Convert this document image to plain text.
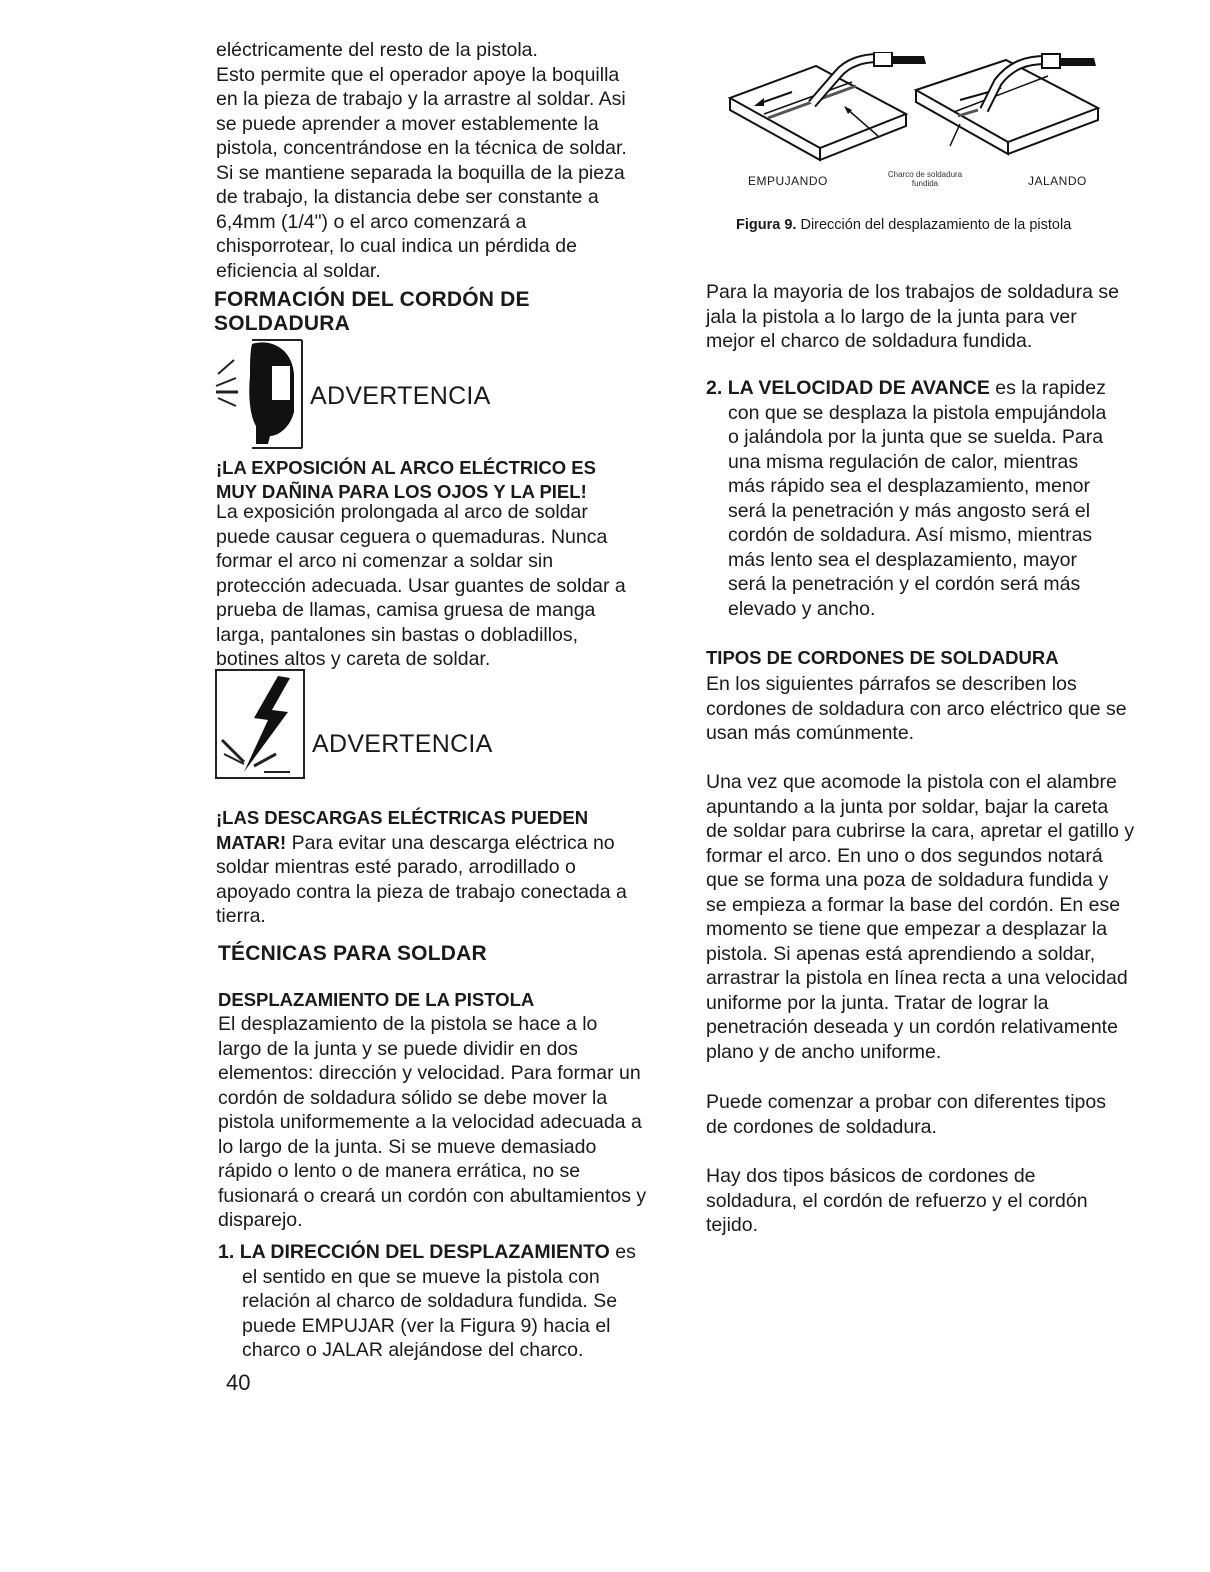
eléctricamente del resto de la pistola.
Esto permite que el operador apoye la boquilla
en la pieza de trabajo y la arrastre al soldar. Asi
se puede aprender a mover establemente la
pistola, concentrándose en la técnica de soldar.
Si se mantiene separada la boquilla de la pieza
de trabajo, la distancia debe ser constante a
6,4mm (1/4") o el arco comenzará a
chisporrotear, lo cual indica un pérdida de
eficiencia al soldar.
FORMACIÓN DEL CORDÓN DE
SOLDADURA
ADVERTENCIA
¡LA EXPOSICIÓN AL ARCO ELÉCTRICO ES
MUY DAÑINA PARA LOS OJOS Y LA PIEL!
La exposición prolongada al arco de soldar
puede causar ceguera o quemaduras. Nunca
formar el arco ni comenzar a soldar sin
protección adecuada. Usar guantes de soldar a
prueba de llamas, camisa gruesa de manga
larga, pantalones sin bastas o dobladillos,
botines altos y careta de soldar.
ADVERTENCIA
¡LAS DESCARGAS ELÉCTRICAS PUEDEN
MATAR! Para evitar una descarga eléctrica no
soldar mientras esté parado, arrodillado o
apoyado contra la pieza de trabajo conectada a
tierra.
TÉCNICAS PARA SOLDAR
DESPLAZAMIENTO DE LA PISTOLA
El desplazamiento de la pistola se hace a lo
largo de la junta y se puede dividir en dos
elementos: dirección y velocidad. Para formar un
cordón de soldadura sólido se debe mover la
pistola uniformemente a la velocidad adecuada a
lo largo de la junta. Si se mueve demasiado
rápido o lento o de manera errática, no se
fusionará o creará un cordón con abultamientos y
disparejo.
1. LA DIRECCIÓN DEL DESPLAZAMIENTO es
el sentido en que se mueve la pistola con
relación al charco de soldadura fundida. Se
puede EMPUJAR (ver la Figura 9) hacia el
charco o JALAR alejándose del charco.
40
EMPUJANDO	Charco de soldadura
fundida	JALANDO
Figura 9. Dirección del desplazamiento de la pistola
Para la mayoria de los trabajos de soldadura se
jala la pistola a lo largo de la junta para ver
mejor el charco de soldadura fundida.
2. LA VELOCIDAD DE AVANCE es la rapidez
con que se desplaza la pistola empujándola
o jalándola por la junta que se suelda. Para
una misma regulación de calor, mientras
más rápido sea el desplazamiento, menor
será la penetración y más angosto será el
cordón de soldadura. Así mismo, mientras
más lento sea el desplazamiento, mayor
será la penetración y el cordón será más
elevado y ancho.
TIPOS DE CORDONES DE SOLDADURA
En los siguientes párrafos se describen los
cordones de soldadura con arco eléctrico que se
usan más comúnmente.
Una vez que acomode la pistola con el alambre
apuntando a la junta por soldar, bajar la careta
de soldar para cubrirse la cara, apretar el gatillo y
formar el arco. En uno o dos segundos notará
que se forma una poza de soldadura fundida y
se empieza a formar la base del cordón. En ese
momento se tiene que empezar a desplazar la
pistola. Si apenas está aprendiendo a soldar,
arrastrar la pistola en línea recta a una velocidad
uniforme por la junta. Tratar de lograr la
penetración deseada y un cordón relativamente
plano y de ancho uniforme.
Puede comenzar a probar con diferentes tipos
de cordones de soldadura.
Hay dos tipos básicos de cordones de
soldadura, el cordón de refuerzo y el cordón
tejido.
